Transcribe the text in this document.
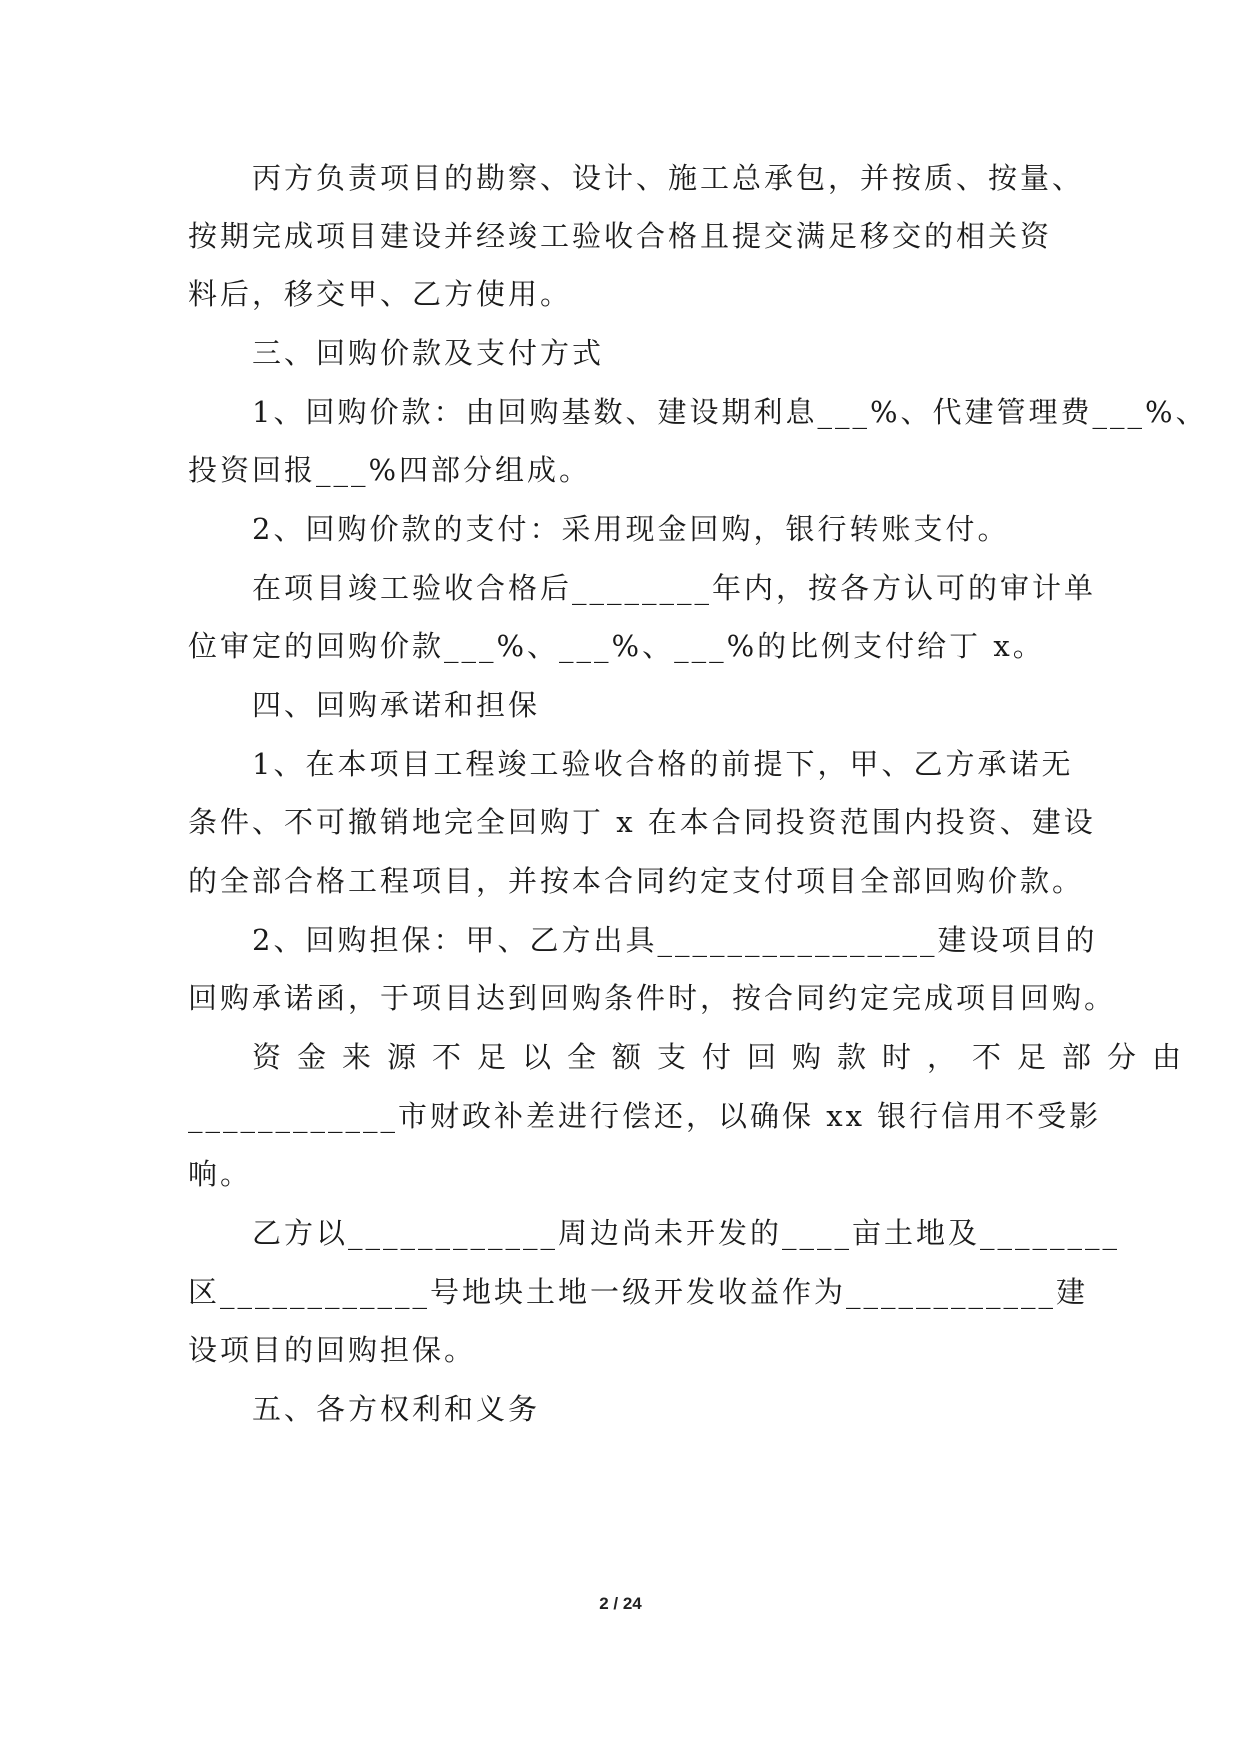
丙方负责项目的勘察、设计、施工总承包，并按质、按量、
按期完成项目建设并经竣工验收合格且提交满足移交的相关资
料后，移交甲、乙方使用。
三、回购价款及支付方式
1、回购价款：由回购基数、建设期利息___%、代建管理费___%、
投资回报___%四部分组成。
2、回购价款的支付：采用现金回购，银行转账支付。
在项目竣工验收合格后________年内，按各方认可的审计单
位审定的回购价款___%、___%、___%的比例支付给丁 x。
四、回购承诺和担保
1、在本项目工程竣工验收合格的前提下，甲、乙方承诺无
条件、不可撤销地完全回购丁 x 在本合同投资范围内投资、建设
的全部合格工程项目，并按本合同约定支付项目全部回购价款。
2、回购担保：甲、乙方出具________________建设项目的
回购承诺函，于项目达到回购条件时，按合同约定完成项目回购。
资金来源不足以全额支付回购款时，不足部分由
____________市财政补差进行偿还，以确保 xx 银行信用不受影
响。
乙方以____________周边尚未开发的____亩土地及________
区____________号地块土地一级开发收益作为____________建
设项目的回购担保。
五、各方权利和义务
2 / 24
